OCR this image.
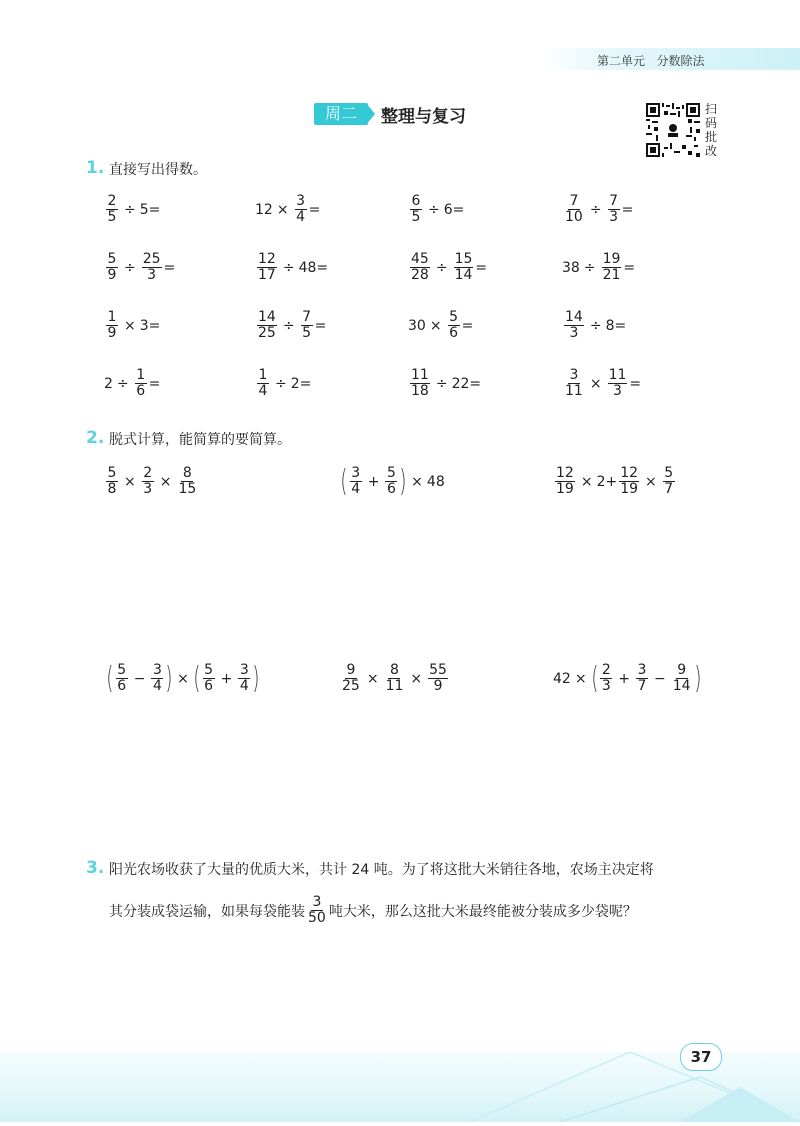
第二单元 分数除法
周二	整理与复习	扫
码
批
改
1. 直接写出得数。
$\frac{2}{5} \div 5=$	$12 \times \frac{3}{4}$ =	$\frac{6}{5} \div 6=$	$\frac{7}{10} \div \frac{7}{3}$ =
$\frac{5}{9} \div \frac{25}{3}$ =	$\frac{12}{17} \div 48=$	$\frac{45}{28} \div \frac{15}{14}$ =	$38 \div \frac{19}{21}$ =
$\frac{1}{9} \times 3=$	$\frac{14}{25} \div \frac{7}{5}$ =	$30 \times \frac{5}{6}$ =	$\frac{14}{3} \div 8=$
$2 \div \frac{1}{6}$ =	$\frac{1}{4} \div 2=$	$\frac{11}{18} \div 22=$	$\frac{3}{11} \times \frac{11}{3}$ =
2. 脱式计算，能简算的要简算。
$\frac{5}{8} \times \frac{2}{3} \times \frac{8}{15}$	( $\frac{3}{4} + \frac{5}{6}$ ) × 48	$\frac{12}{19} \times 2+ \frac{12}{19} \times \frac{5}{7}$
( $\frac{5}{6} - \frac{3}{4}$ ) × ( $\frac{5}{6} + \frac{3}{4}$ )	$\frac{9}{25} \times \frac{8}{11} \times \frac{55}{9}$	42 × ( $\frac{2}{3} + \frac{3}{7} - \frac{9}{14}$ )
3. 阳光农场收获了大量的优质大米，共计 24 吨。为了将这批大米销往各地，农场主决定将
其分装成袋运输，如果每袋能装 $\frac{3}{50}$ 吨大米，那么这批大米最终能被分装成多少袋呢？
37
